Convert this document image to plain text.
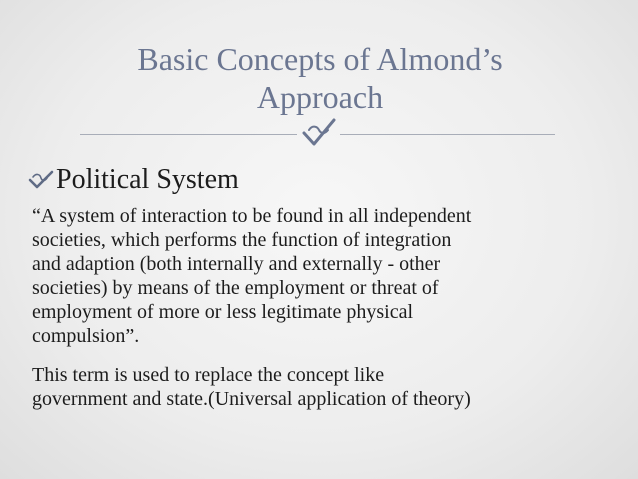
Basic Concepts of Almond’s
Approach
Political System
“A system of interaction to be found in all independent
societies, which performs the function of integration
and adaption (both internally and externally - other
societies) by means of the employment or threat of
employment of more or less legitimate physical
compulsion”.
This term is used to replace the concept like
government and state.(Universal application of theory)
